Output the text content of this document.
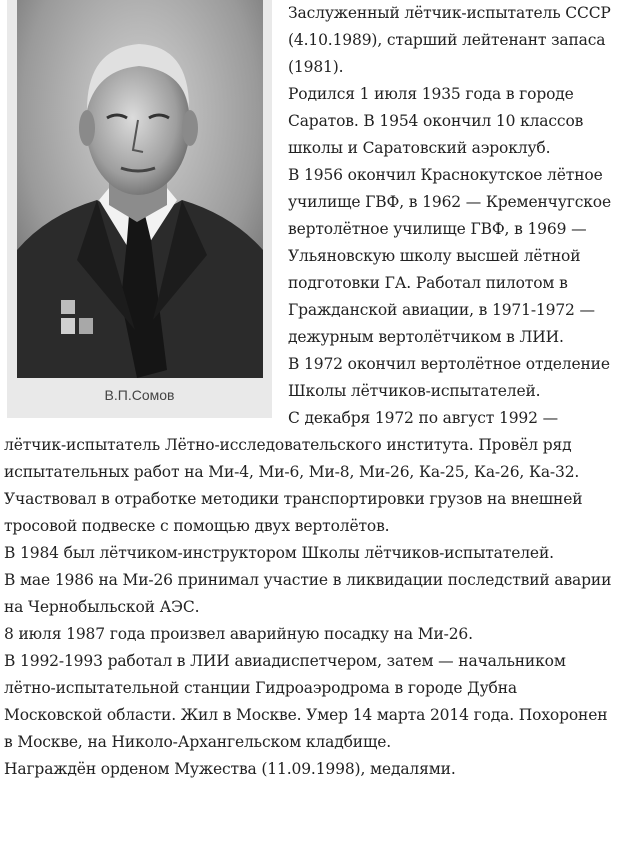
В.П.Сомов

Заслуженный лётчик-испытатель СССР (4.10.1989), старший лейтенант запаса (1981).

Родился 1 июля 1935 года в городе Саратов. В 1954 окончил 10 классов школы и Саратовский аэроклуб.

В 1956 окончил Краснокутское лётное училище ГВФ, в 1962 — Кременчугское вертолётное училище ГВФ, в 1969 — Ульяновскую школу высшей лётной подготовки ГА. Работал пилотом в Гражданской авиации, в 1971-1972 — дежурным вертолётчиком в ЛИИ.

В 1972 окончил вертолётное отделение Школы лётчиков-испытателей.

С декабря 1972 по август 1992 — лётчик-испытатель Лётно-исследовательского института. Провёл ряд испытательных работ на Ми-4, Ми-6, Ми-8, Ми-26, Ка-25, Ка-26, Ка-32.

Участвовал в отработке методики транспортировки грузов на внешней тросовой подвеске с помощью двух вертолётов.

В 1984 был лётчиком-инструктором Школы лётчиков-испытателей.

В мае 1986 на Ми-26 принимал участие в ликвидации последствий аварии на Чернобыльской АЭС.

8 июля 1987 года произвел аварийную посадку на Ми-26.

В 1992-1993 работал в ЛИИ авиадиспетчером, затем — начальником лётно-испытательной станции Гидроаэродрома в городе Дубна Московской области. Жил в Москве. Умер 14 марта 2014 года. Похоронен в Москве, на Николо-Архангельском кладбище.

Награждён орденом Мужества (11.09.1998), медалями.
